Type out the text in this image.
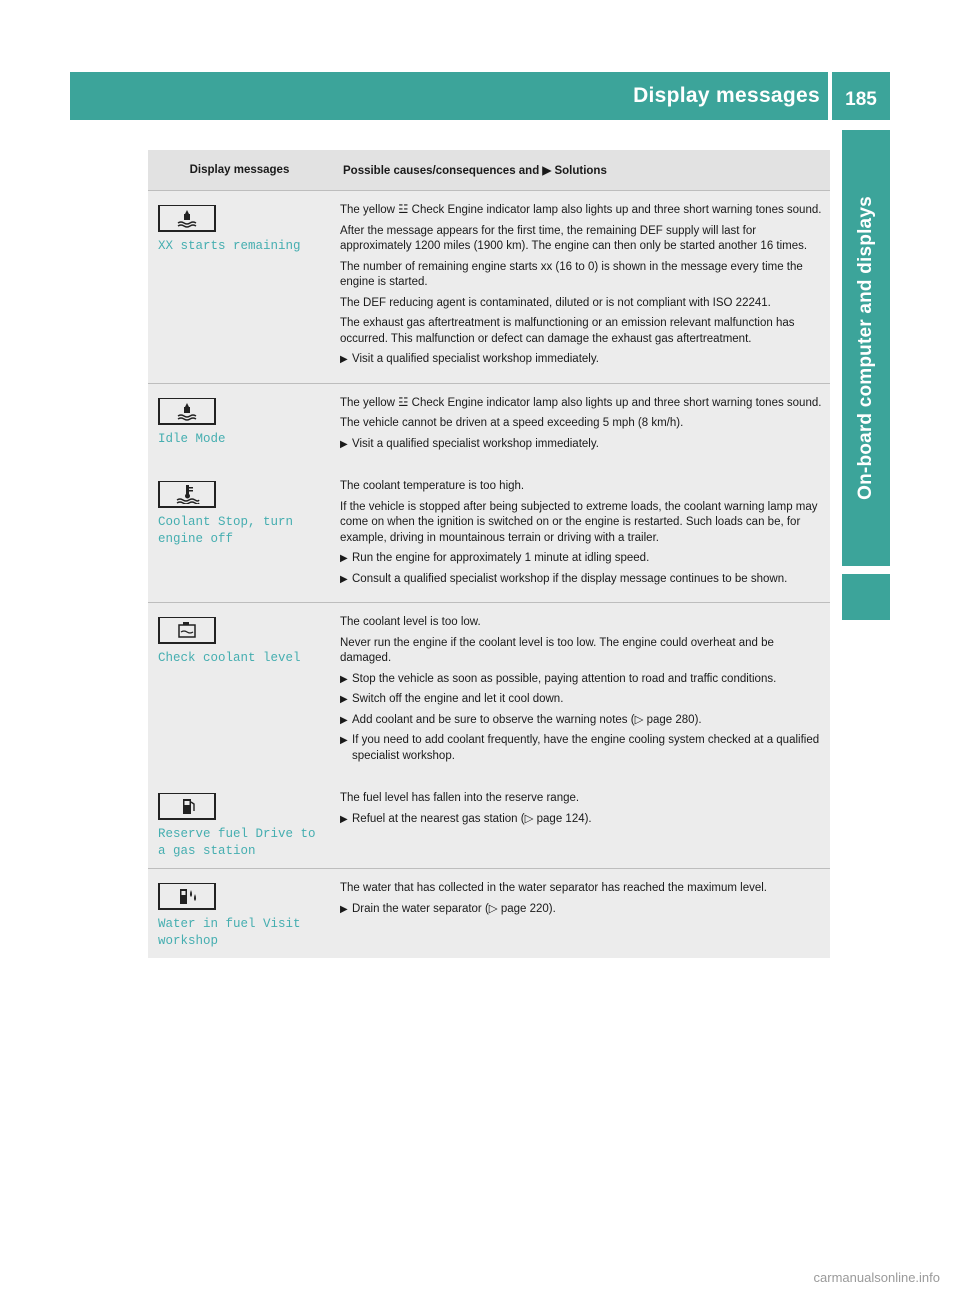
Display messages	185
On-board computer and displays
Display messages	Possible causes/consequences and ▶ Solutions
XX starts remaining

The yellow ☳ Check Engine indicator lamp also lights up and three short warning tones sound.

After the message appears for the first time, the remaining DEF supply will last for approximately 1200 miles (1900 km). The engine can then only be started another 16 times.

The number of remaining engine starts xx (16 to 0) is shown in the message every time the engine is started.

The DEF reducing agent is contaminated, diluted or is not compliant with ISO 22241.

The exhaust gas aftertreatment is malfunctioning or an emission relevant malfunction has occurred. This malfunction or defect can damage the exhaust gas aftertreatment.

▶ Visit a qualified specialist workshop immediately.
Idle Mode

The yellow ☳ Check Engine indicator lamp also lights up and three short warning tones sound.

The vehicle cannot be driven at a speed exceeding 5 mph (8 km/h).

▶ Visit a qualified specialist workshop immediately.
Coolant Stop, turn engine off

The coolant temperature is too high.

If the vehicle is stopped after being subjected to extreme loads, the coolant warning lamp may come on when the ignition is switched on or the engine is restarted. Such loads can be, for example, driving in mountainous terrain or driving with a trailer.

▶ Run the engine for approximately 1 minute at idling speed.
▶ Consult a qualified specialist workshop if the display message continues to be shown.
Check coolant level

The coolant level is too low.

Never run the engine if the coolant level is too low. The engine could overheat and be damaged.

▶ Stop the vehicle as soon as possible, paying attention to road and traffic conditions.
▶ Switch off the engine and let it cool down.
▶ Add coolant and be sure to observe the warning notes (▷ page 280).
▶ If you need to add coolant frequently, have the engine cooling system checked at a qualified specialist workshop.
Reserve fuel Drive to a gas station

The fuel level has fallen into the reserve range.

▶ Refuel at the nearest gas station (▷ page 124).
Water in fuel Visit workshop

The water that has collected in the water separator has reached the maximum level.

▶ Drain the water separator (▷ page 220).
carmanualsonline.info
